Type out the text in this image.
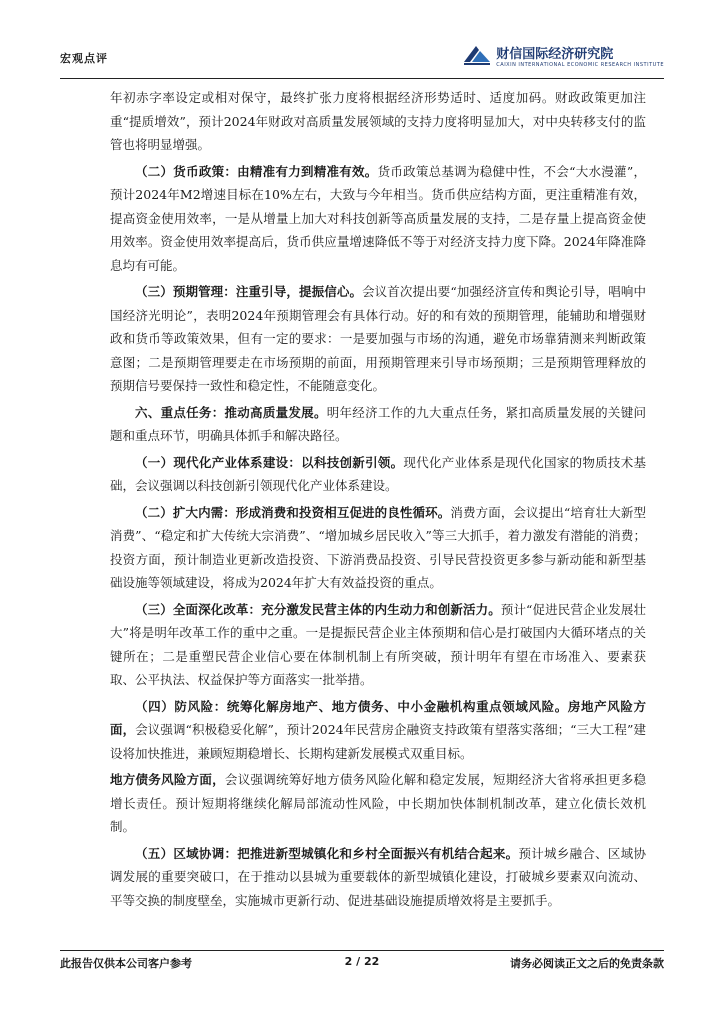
宏观点评	财信国际经济研究院
CAIXIN INTERNATIONAL ECONOMIC RESEARCH INSTITUTE

年初赤字率设定或相对保守，最终扩张力度将根据经济形势适时、适度加码。财政政策更加注重“提质增效”，预计2024年财政对高质量发展领域的支持力度将明显加大，对中央转移支付的监管也将明显增强。

（二）货币政策：由精准有力到精准有效。货币政策总基调为稳健中性，不会“大水漫灌”，预计2024年M2增速目标在10%左右，大致与今年相当。货币供应结构方面，更注重精准有效，提高资金使用效率，一是从增量上加大对科技创新等高质量发展的支持，二是存量上提高资金使用效率。资金使用效率提高后，货币供应量增速降低不等于对经济支持力度下降。2024年降准降息均有可能。

（三）预期管理：注重引导，提振信心。会议首次提出要“加强经济宣传和舆论引导，唱响中国经济光明论”，表明2024年预期管理会有具体行动。好的和有效的预期管理，能辅助和增强财政和货币等政策效果，但有一定的要求：一是要加强与市场的沟通，避免市场靠猜测来判断政策意图；二是预期管理要走在市场预期的前面，用预期管理来引导市场预期；三是预期管理释放的预期信号要保持一致性和稳定性，不能随意变化。

六、重点任务：推动高质量发展。明年经济工作的九大重点任务，紧扣高质量发展的关键问题和重点环节，明确具体抓手和解决路径。

（一）现代化产业体系建设：以科技创新引领。现代化产业体系是现代化国家的物质技术基础，会议强调以科技创新引领现代化产业体系建设。

（二）扩大内需：形成消费和投资相互促进的良性循环。消费方面，会议提出“培育壮大新型消费”、“稳定和扩大传统大宗消费”、“增加城乡居民收入”等三大抓手，着力激发有潜能的消费；投资方面，预计制造业更新改造投资、下游消费品投资、引导民营投资更多参与新动能和新型基础设施等领域建设，将成为2024年扩大有效益投资的重点。

（三）全面深化改革：充分激发民营主体的内生动力和创新活力。预计“促进民营企业发展壮大”将是明年改革工作的重中之重。一是提振民营企业主体预期和信心是打破国内大循环堵点的关键所在；二是重塑民营企业信心要在体制机制上有所突破，预计明年有望在市场准入、要素获取、公平执法、权益保护等方面落实一批举措。

（四）防风险：统筹化解房地产、地方债务、中小金融机构重点领域风险。房地产风险方面，会议强调“积极稳妥化解”，预计2024年民营房企融资支持政策有望落实落细；“三大工程”建设将加快推进，兼顾短期稳增长、长期构建新发展模式双重目标。

地方债务风险方面，会议强调统筹好地方债务风险化解和稳定发展，短期经济大省将承担更多稳增长责任。预计短期将继续化解局部流动性风险，中长期加快体制机制改革，建立化债长效机制。

（五）区域协调：把推进新型城镇化和乡村全面振兴有机结合起来。预计城乡融合、区域协调发展的重要突破口，在于推动以县城为重要载体的新型城镇化建设，打破城乡要素双向流动、平等交换的制度壁垒，实施城市更新行动、促进基础设施提质增效将是主要抓手。

此报告仅供本公司客户参考	2 / 22	请务必阅读正文之后的免责条款
